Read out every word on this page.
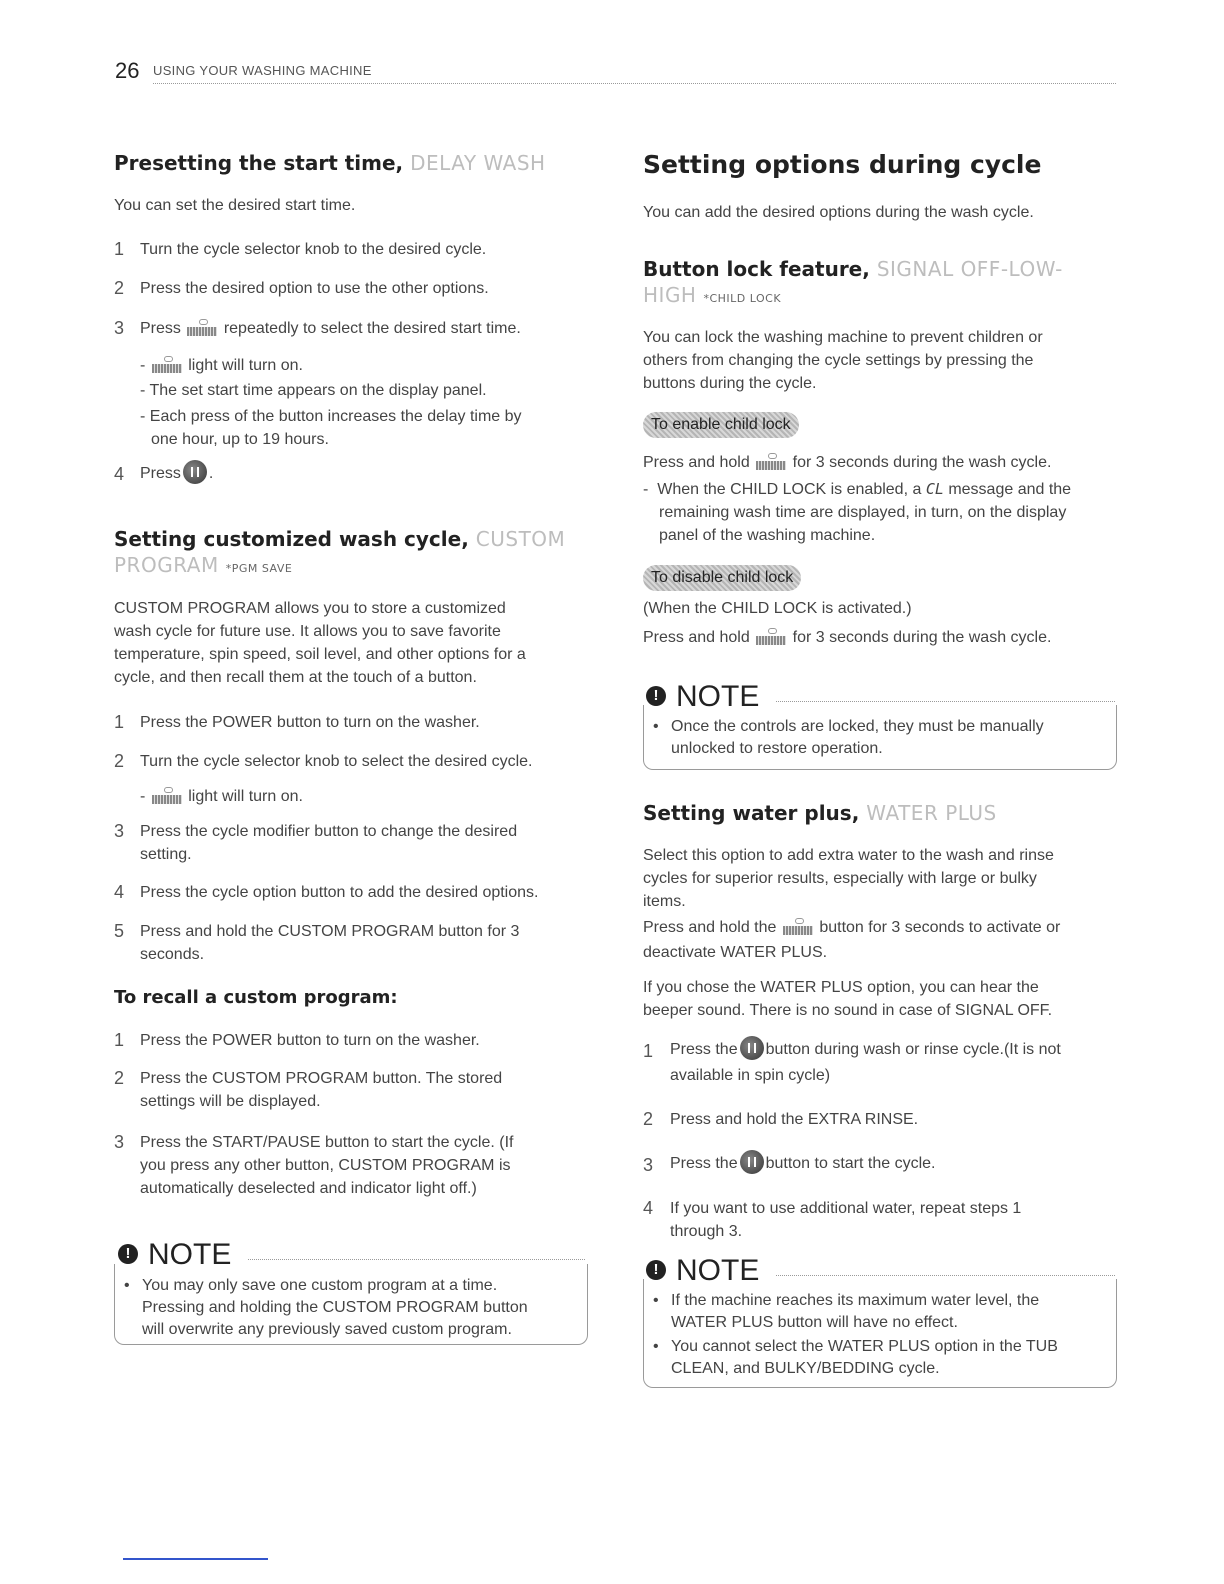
26 USING YOUR WASHING MACHINE
Presetting the start time, DELAY WASH
You can set the desired start time.
1 Turn the cycle selector knob to the desired cycle.
2 Press the desired option to use the other options.
3 Press	repeatedly to select the desired start time.
-
light will turn on.
- The set start time appears on the display panel.
- Each press of the button increases the delay time by
one hour, up to 19 hours.
4 Press .
Setting customized wash cycle, CUSTOM
PROGRAM *PGM SAVE
CUSTOM PROGRAM allows you to store a customized
wash cycle for future use. It allows you to save favorite
temperature, spin speed, soil level, and other options for a
cycle, and then recall them at the touch of a button.
1 Press the POWER button to turn on the washer.
2 Turn the cycle selector knob to select the desired cycle.
-
light will turn on.
3 Press the cycle modifier button to change the desired
setting.
4 Press the cycle option button to add the desired options.
5 Press and hold the CUSTOM PROGRAM button for 3
seconds.
To recall a custom program:
1 Press the POWER button to turn on the washer.
2 Press the CUSTOM PROGRAM button. The stored
settings will be displayed.
3 Press the START/PAUSE button to start the cycle. (If
you press any other button, CUSTOM PROGRAM is
automatically deselected and indicator light off.)
! NOTE
• You may only save one custom program at a time.
Pressing and holding the CUSTOM PROGRAM button
will overwrite any previously saved custom program.
Setting options during cycle
You can add the desired options during the wash cycle.
Button lock feature, SIGNAL OFF-LOW-
HIGH *CHILD LOCK
You can lock the washing machine to prevent children or
others from changing the cycle settings by pressing the
buttons during the cycle.
To enable child lock
Press and hold	for 3 seconds during the wash cycle.
-  When the CHILD LOCK is enabled, a CL message and the
remaining wash time are displayed, in turn, on the display
panel of the washing machine.
To disable child lock
(When the CHILD LOCK is activated.)
Press and hold	for 3 seconds during the wash cycle.
! NOTE
• Once the controls are locked, they must be manually
unlocked to restore operation.
Setting water plus, WATER PLUS
Select this option to add extra water to the wash and rinse
cycles for superior results, especially with large or bulky
items.
Press and hold the	button for 3 seconds to activate or
deactivate WATER PLUS.
If you chose the WATER PLUS option, you can hear the
beeper sound. There is no sound in case of SIGNAL OFF.
1 Press the button during wash or rinse cycle.(It is not
available in spin cycle)
2 Press and hold the EXTRA RINSE.
3 Press the button to start the cycle.
4 If you want to use additional water, repeat steps 1
through 3.
! NOTE
• If the machine reaches its maximum water level, the
WATER PLUS button will have no effect.
• You cannot select the WATER PLUS option in the TUB
CLEAN, and BULKY/BEDDING cycle.
